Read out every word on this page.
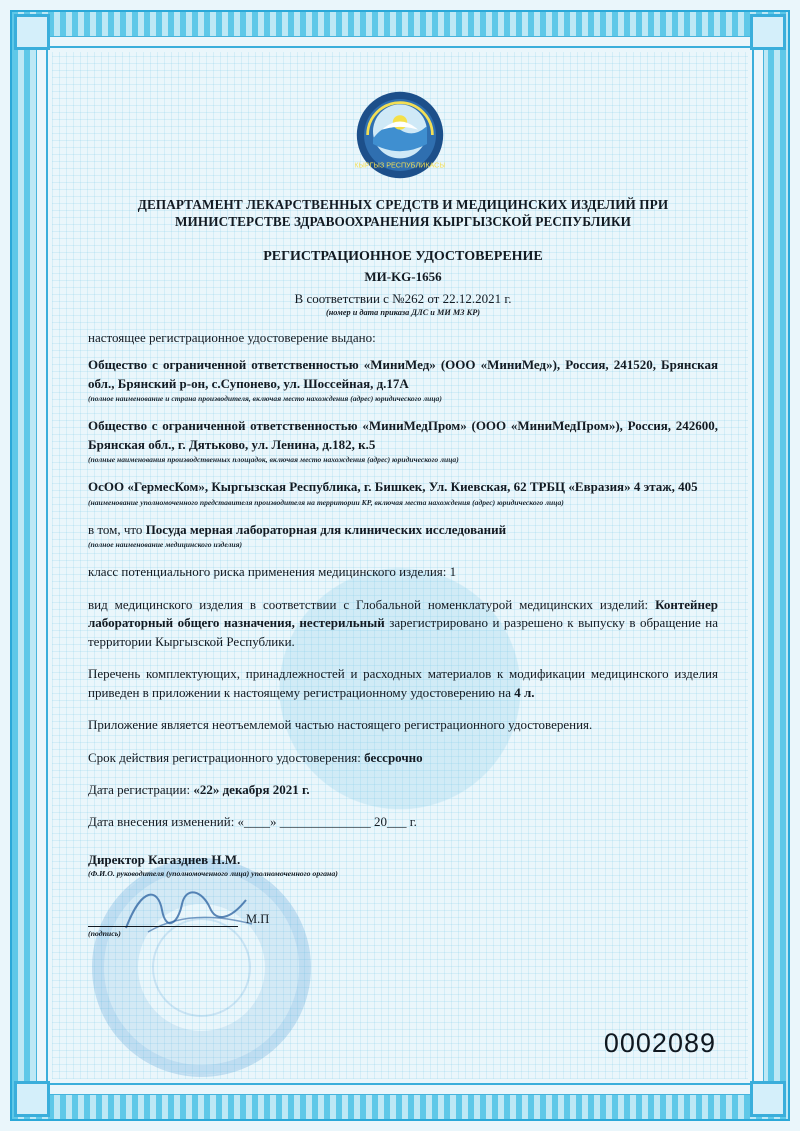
КЫРГЫЗ РЕСПУБЛИКАСЫ
ДЕПАРТАМЕНТ ЛЕКАРСТВЕННЫХ СРЕДСТВ И МЕДИЦИНСКИХ ИЗДЕЛИЙ ПРИ МИНИСТЕРСТВЕ ЗДРАВООХРАНЕНИЯ КЫРГЫЗСКОЙ РЕСПУБЛИКИ
РЕГИСТРАЦИОННОЕ УДОСТОВЕРЕНИЕ
МИ-KG-1656
В соответствии с №262 от 22.12.2021 г.
(номер и дата приказа ДЛС и МИ МЗ КР)
настоящее регистрационное удостоверение выдано:
Общество с ограниченной ответственностью «МиниМед» (ООО «МиниМед»), Россия, 241520, Брянская обл., Брянский р-он, с.Супонево, ул. Шоссейная, д.17А
(полное наименование и страна производителя, включая место нахождения (адрес) юридического лица)
Общество с ограниченной ответственностью «МиниМедПром» (ООО «МиниМедПром»), Россия, 242600, Брянская обл., г. Дятьково, ул. Ленина, д.182, к.5
(полные наименования производственных площадок, включая место нахождения (адрес) юридического лица)
ОсОО «ГермесКом», Кыргызская Республика, г. Бишкек, Ул. Киевская, 62 ТРБЦ «Евразия» 4 этаж, 405
(наименование уполномоченного представителя производителя на территории КР, включая места нахождения (адрес) юридического лица)
в том, что Посуда мерная лабораторная для клинических исследований
(полное наименование медицинского изделия)
класс потенциального риска применения медицинского изделия: 1
вид медицинского изделия в соответствии с Глобальной номенклатурой медицинских изделий: Контейнер лабораторный общего назначения, нестерильный зарегистрировано и разрешено к выпуску в обращение на территории Кыргызской Республики.
Перечень комплектующих, принадлежностей и расходных материалов к модификации медицинского изделия приведен в приложении к настоящему регистрационному удостоверению на 4 л.
Приложение является неотъемлемой частью настоящего регистрационного удостоверения.
Срок действия регистрационного удостоверения: бессрочно
Дата регистрации: «22» декабря 2021 г.
Дата внесения изменений: «____» ______________ 20___ г.
Директор Кагазднев Н.М.
(Ф.И.О. руководителя (уполномоченного лица) уполномоченного органа)
М.П
(подпись)
0002089
